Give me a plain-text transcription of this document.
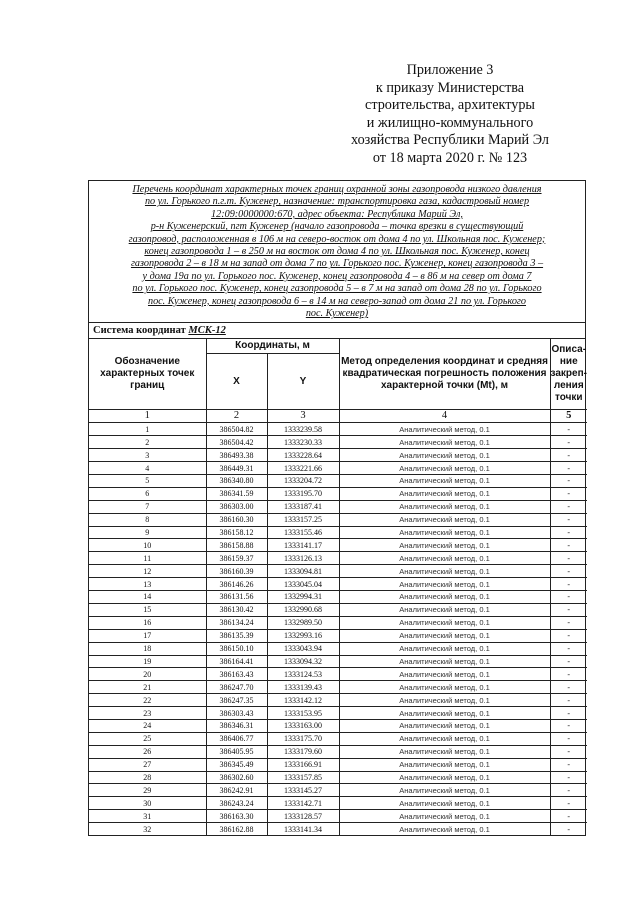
Приложение 3
к приказу Министерства
строительства, архитектуры
и жилищно-коммунального
хозяйства Республики Марий Эл
от 18 марта 2020 г. № 123
Перечень координат характерных точек границ охранной зоны газопровода низкого давления
по ул. Горького п.г.т. Куженер, назначение: транспортировка газа, кадастровый номер
12:09:0000000:670, адрес объекта: Республика Марий Эл,
р-н Куженерский, пгт Куженер (начало газопровода – точка врезки в существующий
газопровод, расположенная в 106 м на северо-восток от дома 4 по ул. Школьная пос. Куженер;
конец газопровода 1 – в 250 м на восток от дома 4 по ул. Школьная пос. Куженер, конец
газопровода 2 – в 18 м на запад от дома 7 по ул. Горького пос. Куженер, конец газопровода 3 –
у дома 19а по ул. Горького пос. Куженер, конец газопровода 4 – в 86 м на север от дома 7
по ул. Горького пос. Куженер, конец газопровода 5 – в 7 м на запад от дома 28 по ул. Горького
пос. Куженер, конец газопровода 6 – в 14 м на северо-запад от дома 21 по ул. Горького
пос. Куженер)
Система координат МСК-12
Обозначение характерных точек границ	Координаты, м		Метод определения координат и средняя квадратическая погрешность положения характерной точки (Mt), м	Описа-ние закреп-ления точки
	X	Y		
1	2	3	4	5
1	386504.82	1333239.58	Аналитический метод, 0.1	-
2	386504.42	1333230.33	Аналитический метод, 0.1	-
3	386493.38	1333228.64	Аналитический метод, 0.1	-
4	386449.31	1333221.66	Аналитический метод, 0.1	-
5	386340.80	1333204.72	Аналитический метод, 0.1	-
6	386341.59	1333195.70	Аналитический метод, 0.1	-
7	386303.00	1333187.41	Аналитический метод, 0.1	-
8	386160.30	1333157.25	Аналитический метод, 0.1	-
9	386158.12	1333155.46	Аналитический метод, 0.1	-
10	386158.88	1333141.17	Аналитический метод, 0.1	-
11	386159.37	1333126.13	Аналитический метод, 0.1	-
12	386160.39	1333094.81	Аналитический метод, 0.1	-
13	386146.26	1333045.04	Аналитический метод, 0.1	-
14	386131.56	1332994.31	Аналитический метод, 0.1	-
15	386130.42	1332990.68	Аналитический метод, 0.1	-
16	386134.24	1332989.50	Аналитический метод, 0.1	-
17	386135.39	1332993.16	Аналитический метод, 0.1	-
18	386150.10	1333043.94	Аналитический метод, 0.1	-
19	386164.41	1333094.32	Аналитический метод, 0.1	-
20	386163.43	1333124.53	Аналитический метод, 0.1	-
21	386247.70	1333139.43	Аналитический метод, 0.1	-
22	386247.35	1333142.12	Аналитический метод, 0.1	-
23	386303.43	1333153.95	Аналитический метод, 0.1	-
24	386346.31	1333163.00	Аналитический метод, 0.1	-
25	386406.77	1333175.70	Аналитический метод, 0.1	-
26	386405.95	1333179.60	Аналитический метод, 0.1	-
27	386345.49	1333166.91	Аналитический метод, 0.1	-
28	386302.60	1333157.85	Аналитический метод, 0.1	-
29	386242.91	1333145.27	Аналитический метод, 0.1	-
30	386243.24	1333142.71	Аналитический метод, 0.1	-
31	386163.30	1333128.57	Аналитический метод, 0.1	-
32	386162.88	1333141.34	Аналитический метод, 0.1	-
